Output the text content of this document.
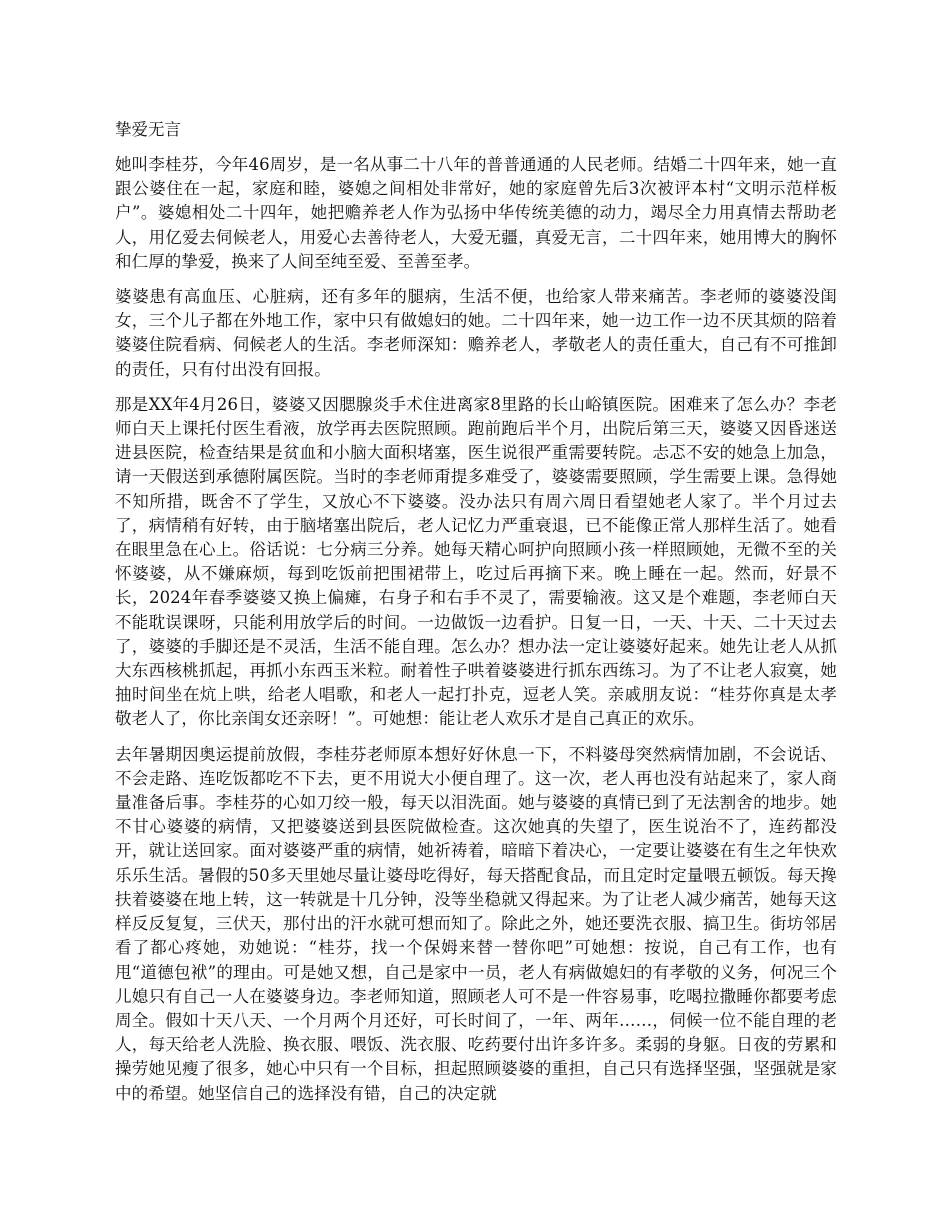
挚爱无言

她叫李桂芬，今年46周岁，是一名从事二十八年的普普通通的人民老师。结婚二十四年来，她一直跟公婆住在一起，家庭和睦，婆媳之间相处非常好，她的家庭曾先后3次被评本村“文明示范样板户”。婆媳相处二十四年，她把赡养老人作为弘扬中华传统美德的动力，竭尽全力用真情去帮助老人，用亿爱去伺候老人，用爱心去善待老人，大爱无疆，真爱无言，二十四年来，她用博大的胸怀和仁厚的挚爱，换来了人间至纯至爱、至善至孝。

婆婆患有高血压、心脏病，还有多年的腿病，生活不便，也给家人带来痛苦。李老师的婆婆没闺女，三个儿子都在外地工作，家中只有做媳妇的她。二十四年来，她一边工作一边不厌其烦的陪着婆婆住院看病、伺候老人的生活。李老师深知：赡养老人，孝敬老人的责任重大，自己有不可推卸的责任，只有付出没有回报。

那是XX年4月26日，婆婆又因腮腺炎手术住进离家8里路的长山峪镇医院。困难来了怎么办？李老师白天上课托付医生看液，放学再去医院照顾。跑前跑后半个月，出院后第三天，婆婆又因昏迷送进县医院，检查结果是贫血和小脑大面积堵塞，医生说很严重需要转院。忐忑不安的她急上加急，请一天假送到承德附属医院。当时的李老师甭提多难受了，婆婆需要照顾，学生需要上课。急得她不知所措，既舍不了学生，又放心不下婆婆。没办法只有周六周日看望她老人家了。半个月过去了，病情稍有好转，由于脑堵塞出院后，老人记忆力严重衰退，已不能像正常人那样生活了。她看在眼里急在心上。俗话说：七分病三分养。她每天精心呵护向照顾小孩一样照顾她，无微不至的关怀婆婆，从不嫌麻烦，每到吃饭前把围裙带上，吃过后再摘下来。晚上睡在一起。然而，好景不长，2024年春季婆婆又换上偏瘫，右身子和右手不灵了，需要输液。这又是个难题，李老师白天不能耽误课呀，只能利用放学后的时间。一边做饭一边看护。日复一日，一天、十天、二十天过去了，婆婆的手脚还是不灵活，生活不能自理。怎么办？想办法一定让婆婆好起来。她先让老人从抓大东西核桃抓起，再抓小东西玉米粒。耐着性子哄着婆婆进行抓东西练习。为了不让老人寂寞，她抽时间坐在炕上哄，给老人唱歌，和老人一起打扑克，逗老人笑。亲戚朋友说：“桂芬你真是太孝敬老人了，你比亲闺女还亲呀！”。可她想：能让老人欢乐才是自己真正的欢乐。

去年暑期因奥运提前放假，李桂芬老师原本想好好休息一下，不料婆母突然病情加剧，不会说话、不会走路、连吃饭都吃不下去，更不用说大小便自理了。这一次，老人再也没有站起来了，家人商量准备后事。李桂芬的心如刀绞一般，每天以泪洗面。她与婆婆的真情已到了无法割舍的地步。她不甘心婆婆的病情，又把婆婆送到县医院做检查。这次她真的失望了，医生说治不了，连药都没开，就让送回家。面对婆婆严重的病情，她祈祷着，暗暗下着决心，一定要让婆婆在有生之年快欢乐乐生活。暑假的50多天里她尽量让婆母吃得好，每天搭配食品，而且定时定量喂五顿饭。每天搀扶着婆婆在地上转，这一转就是十几分钟，没等坐稳就又得起来。为了让老人减少痛苦，她每天这样反反复复，三伏天，那付出的汗水就可想而知了。除此之外，她还要洗衣服、搞卫生。街坊邻居看了都心疼她，劝她说：“桂芬，找一个保姆来替一替你吧”可她想：按说，自己有工作，也有甩“道德包袱”的理由。可是她又想，自己是家中一员，老人有病做媳妇的有孝敬的义务，何况三个儿媳只有自己一人在婆婆身边。李老师知道，照顾老人可不是一件容易事，吃喝拉撒睡你都要考虑周全。假如十天八天、一个月两个月还好，可长时间了，一年、两年……，伺候一位不能自理的老人，每天给老人洗脸、换衣服、喂饭、洗衣服、吃药要付出许多许多。柔弱的身躯。日夜的劳累和操劳她见瘦了很多，她心中只有一个目标，担起照顾婆婆的重担，自己只有选择坚强，坚强就是家中的希望。她坚信自己的选择没有错，自己的决定就
